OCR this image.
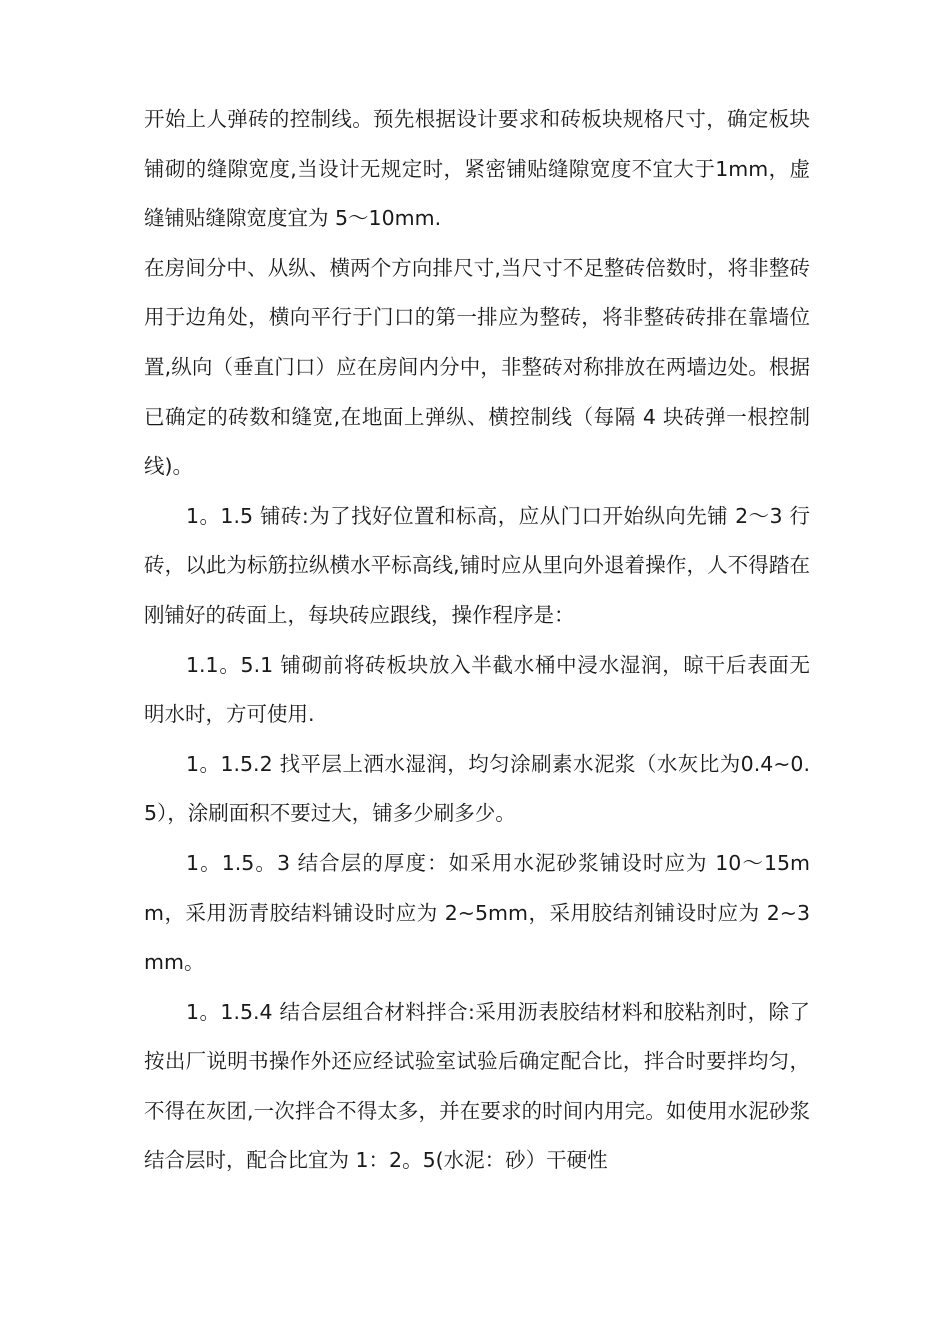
开始上人弹砖的控制线。预先根据设计要求和砖板块规格尺寸，确定板块铺砌的缝隙宽度,当设计无规定时，紧密铺贴缝隙宽度不宜大于1mm，虚缝铺贴缝隙宽度宜为 5～10mm.

在房间分中、从纵、横两个方向排尺寸,当尺寸不足整砖倍数时，将非整砖用于边角处，横向平行于门口的第一排应为整砖，将非整砖砖排在靠墙位置,纵向（垂直门口）应在房间内分中，非整砖对称排放在两墙边处。根据已确定的砖数和缝宽,在地面上弹纵、横控制线（每隔 4 块砖弹一根控制线)。

1。1.5 铺砖:为了找好位置和标高，应从门口开始纵向先铺 2～3 行砖，以此为标筋拉纵横水平标高线,铺时应从里向外退着操作，人不得踏在刚铺好的砖面上，每块砖应跟线，操作程序是：

1.1。5.1 铺砌前将砖板块放入半截水桶中浸水湿润，晾干后表面无明水时，方可使用.

1。1.5.2 找平层上洒水湿润，均匀涂刷素水泥浆（水灰比为0.4~0.5），涂刷面积不要过大，铺多少刷多少。

1。1.5。3 结合层的厚度：如采用水泥砂浆铺设时应为 10～15mm，采用沥青胶结料铺设时应为 2~5mm，采用胶结剂铺设时应为 2~3mm。

1。1.5.4 结合层组合材料拌合:采用沥表胶结材料和胶粘剂时，除了按出厂说明书操作外还应经试验室试验后确定配合比，拌合时要拌均匀，不得在灰团,一次拌合不得太多，并在要求的时间内用完。如使用水泥砂浆结合层时，配合比宜为 1：2。5(水泥：砂）干硬性
